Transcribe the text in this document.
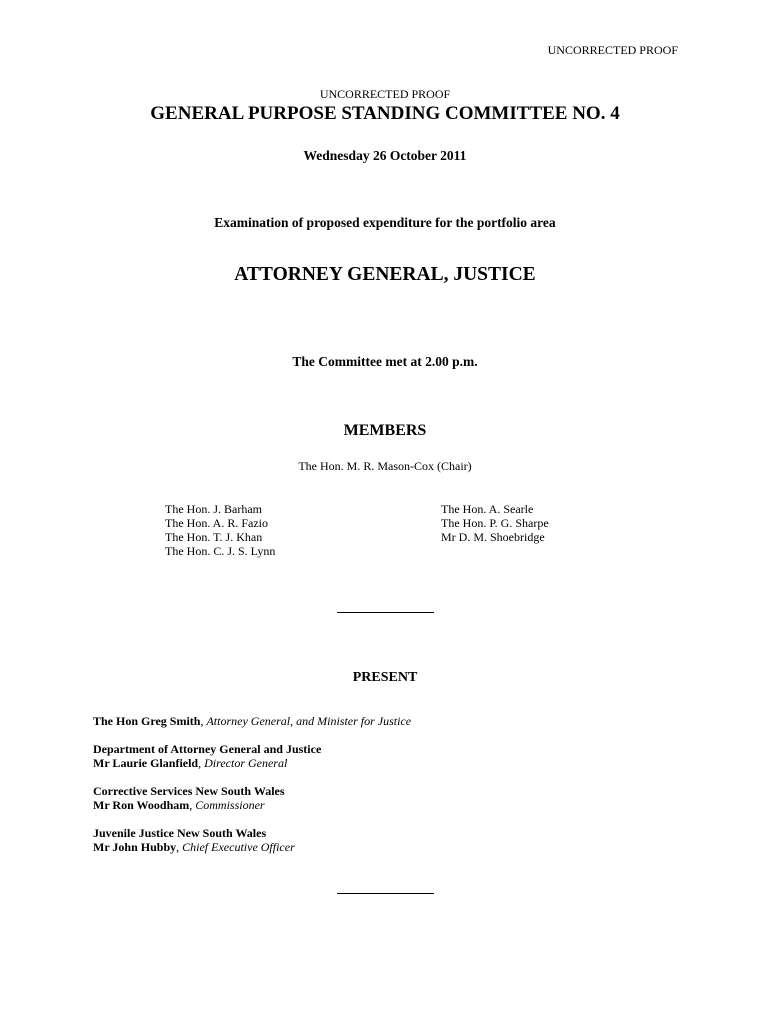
UNCORRECTED PROOF
UNCORRECTED PROOF
GENERAL PURPOSE STANDING COMMITTEE NO. 4
Wednesday 26 October 2011
Examination of proposed expenditure for the portfolio area
ATTORNEY GENERAL, JUSTICE
The Committee met at 2.00 p.m.
MEMBERS
The Hon. M. R. Mason-Cox (Chair)
The Hon. J. Barham
The Hon. A. R. Fazio
The Hon. T. J. Khan
The Hon. C. J. S. Lynn
The Hon. A. Searle
The Hon. P. G. Sharpe
Mr D. M. Shoebridge
PRESENT
The Hon Greg Smith, Attorney General, and Minister for Justice
Department of Attorney General and Justice
Mr Laurie Glanfield, Director General
Corrective Services New South Wales
Mr Ron Woodham, Commissioner
Juvenile Justice New South Wales
Mr John Hubby, Chief Executive Officer
